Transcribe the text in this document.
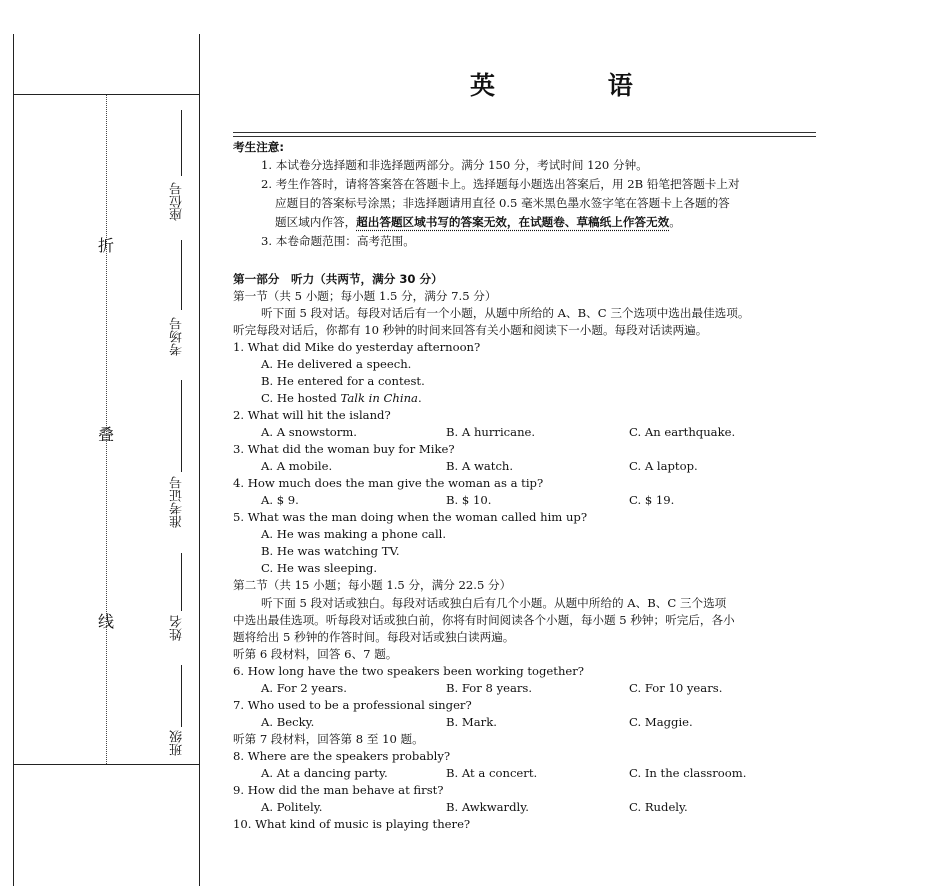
折
叠
线
座位号
考场号
准考证号
姓名
班级
英 语
考生注意:
1. 本试卷分选择题和非选择题两部分。满分 150 分，考试时间 120 分钟。
2. 考生作答时，请将答案答在答题卡上。选择题每小题选出答案后，用 2B 铅笔把答题卡上对
应题目的答案标号涂黑；非选择题请用直径 0.5 毫米黑色墨水签字笔在答题卡上各题的答
题区域内作答，超出答题区域书写的答案无效，在试题卷、草稿纸上作答无效。
3. 本卷命题范围：高考范围。
第一部分　听力（共两节，满分 30 分）
第一节（共 5 小题；每小题 1.5 分，满分 7.5 分）
听下面 5 段对话。每段对话后有一个小题，从题中所给的 A、B、C 三个选项中选出最佳选项。
听完每段对话后，你都有 10 秒钟的时间来回答有关小题和阅读下一小题。每段对话读两遍。
1. What did Mike do yesterday afternoon?
A. He delivered a speech.
B. He entered for a contest.
C. He hosted Talk in China.
2. What will hit the island?
A. A snowstorm.	B. A hurricane.	C. An earthquake.
3. What did the woman buy for Mike?
A. A mobile.	B. A watch.	C. A laptop.
4. How much does the man give the woman as a tip?
A. $ 9.	B. $ 10.	C. $ 19.
5. What was the man doing when the woman called him up?
A. He was making a phone call.
B. He was watching TV.
C. He was sleeping.
第二节（共 15 小题；每小题 1.5 分，满分 22.5 分）
听下面 5 段对话或独白。每段对话或独白后有几个小题。从题中所给的 A、B、C 三个选项
中选出最佳选项。听每段对话或独白前，你将有时间阅读各个小题，每小题 5 秒钟；听完后，各小
题将给出 5 秒钟的作答时间。每段对话或独白读两遍。
听第 6 段材料，回答 6、7 题。
6. How long have the two speakers been working together?
A. For 2 years.	B. For 8 years.	C. For 10 years.
7. Who used to be a professional singer?
A. Becky.	B. Mark.	C. Maggie.
听第 7 段材料，回答第 8 至 10 题。
8. Where are the speakers probably?
A. At a dancing party.	B. At a concert.	C. In the classroom.
9. How did the man behave at first?
A. Politely.	B. Awkwardly.	C. Rudely.
10. What kind of music is playing there?
